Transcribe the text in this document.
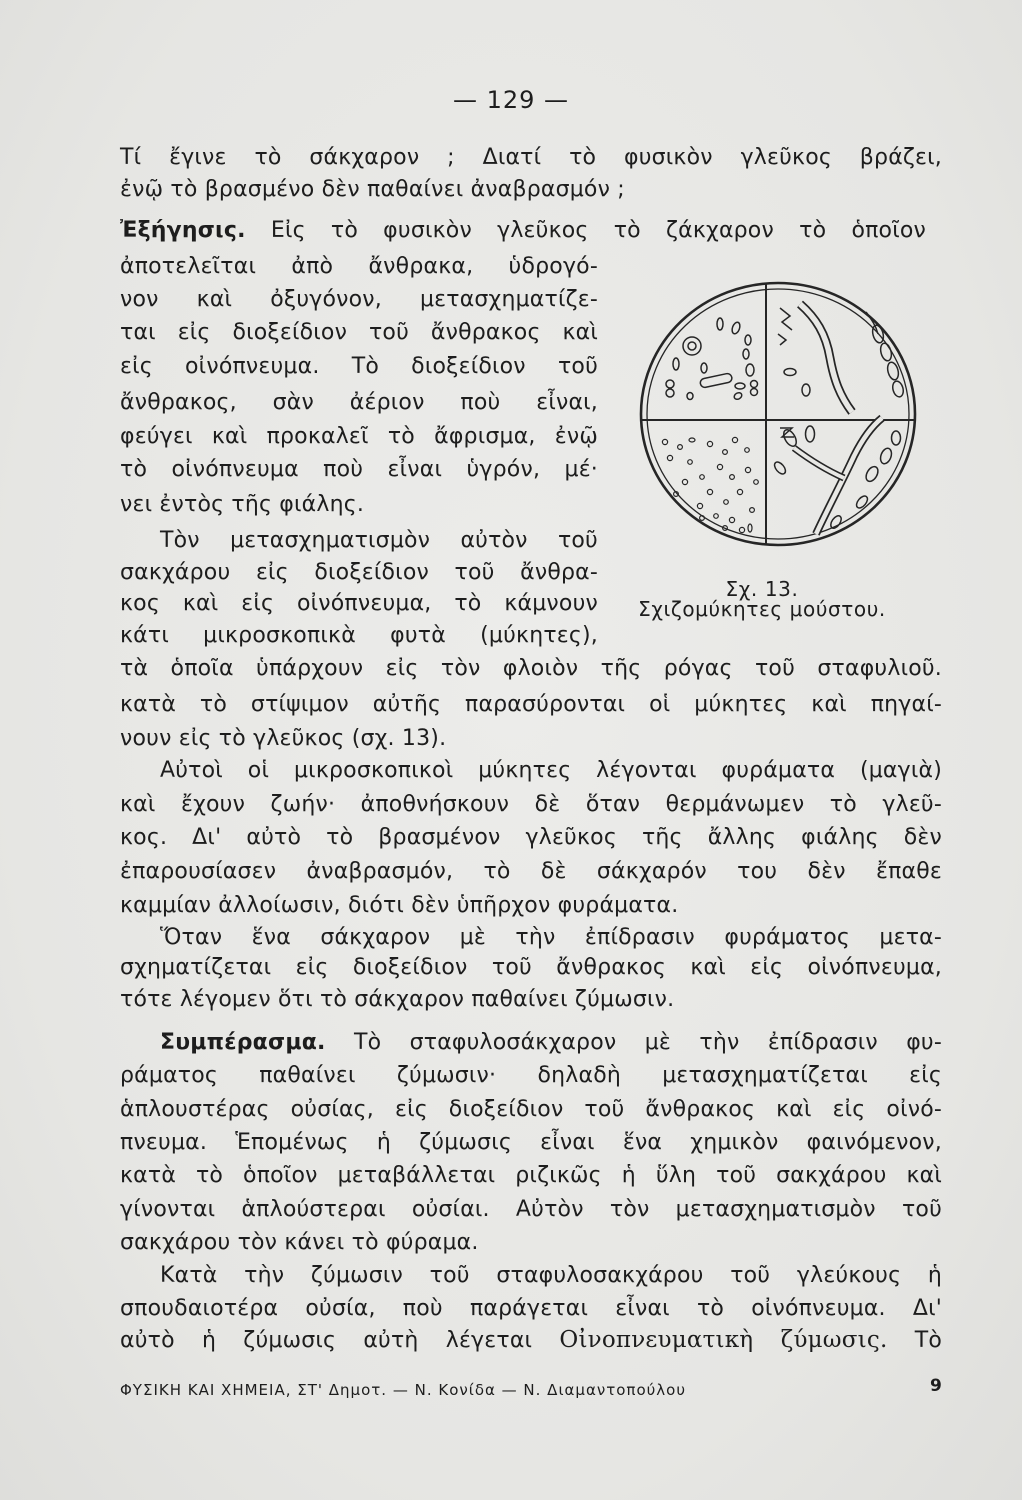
— 129 —
Τί ἔγινε τὸ σάκχαρον ; Διατί τὸ φυσικὸν γλεῦκος βράζει,
ἐνῷ τὸ βρασμένο δὲν παθαίνει ἀναβρασμόν ;
Ἐξήγησις. Εἰς τὸ φυσικὸν γλεῦκος τὸ ζάκχαρον τὸ ὁποῖον
ἀποτελεῖται ἀπὸ ἄνθρακα, ὑδρογό-
νον καὶ ὀξυγόνον, μετασχηματίζε-
ται εἰς διοξείδιον τοῦ ἄνθρακος καὶ
εἰς οἰνόπνευμα. Τὸ διοξείδιον τοῦ
ἄνθρακος, σὰν ἀέριον ποὺ εἶναι,
φεύγει καὶ προκαλεῖ τὸ ἄφρισμα, ἐνῷ
τὸ οἰνόπνευμα ποὺ εἶναι ὑγρόν, μέ·
νει ἐντὸς τῆς φιάλης.
Τὸν μετασχηματισμὸν αὐτὸν τοῦ
σακχάρου εἰς διοξείδιον τοῦ ἄνθρα-
κος καὶ εἰς οἰνόπνευμα, τὸ κάμνουν
κάτι μικροσκοπικὰ φυτὰ (μύκητες),
τὰ ὁποῖα ὑπάρχουν εἰς τὸν φλοιὸν τῆς ρόγας τοῦ σταφυλιοῦ.
κατὰ τὸ στίψιμον αὐτῆς παρασύρονται οἱ μύκητες καὶ πηγαί-
νουν εἰς τὸ γλεῦκος (σχ. 13).
Σχ. 13.
Σχιζομύκητες μούστου.
Αὐτοὶ οἱ μικροσκοπικοὶ μύκητες λέγονται φυράματα (μαγιὰ)
καὶ ἔχουν ζωήν· ἀποθνήσκουν δὲ ὅταν θερμάνωμεν τὸ γλεῦ-
κος. Δι' αὐτὸ τὸ βρασμένον γλεῦκος τῆς ἄλλης φιάλης δὲν
ἐπαρουσίασεν ἀναβρασμόν, τὸ δὲ σάκχαρόν του δὲν ἔπαθε
καμμίαν ἀλλοίωσιν, διότι δὲν ὑπῆρχον φυράματα.
Ὅταν ἕνα σάκχαρον μὲ τὴν ἐπίδρασιν φυράματος μετα-
σχηματίζεται εἰς διοξείδιον τοῦ ἄνθρακος καὶ εἰς οἰνόπνευμα,
τότε λέγομεν ὅτι τὸ σάκχαρον παθαίνει ζύμωσιν.
Συμπέρασμα. Τὸ σταφυλοσάκχαρον μὲ τὴν ἐπίδρασιν φυ-
ράματος παθαίνει ζύμωσιν· δηλαδὴ μετασχηματίζεται εἰς
ἁπλουστέρας οὐσίας, εἰς διοξείδιον τοῦ ἄνθρακος καὶ εἰς οἰνό-
πνευμα. Ἑπομένως ἡ ζύμωσις εἶναι ἕνα χημικὸν φαινόμενον,
κατὰ τὸ ὁποῖον μεταβάλλεται ριζικῶς ἡ ὕλη τοῦ σακχάρου καὶ
γίνονται ἁπλούστεραι οὐσίαι. Αὐτὸν τὸν μετασχηματισμὸν τοῦ
σακχάρου τὸν κάνει τὸ φύραμα.
Κατὰ τὴν ζύμωσιν τοῦ σταφυλοσακχάρου τοῦ γλεύκους ἡ
σπουδαιοτέρα οὐσία, ποὺ παράγεται εἶναι τὸ οἰνόπνευμα. Δι'
αὐτὸ ἡ ζύμωσις αὐτὴ λέγεται Οἰνοπνευματικὴ ζύμωσις. Τὸ
ΦΥΣΙΚΗ ΚΑΙ ΧΗΜΕΙΑ, ΣΤ' Δημοτ. — Ν. Κονίδα — Ν. Διαμαντοπούλου	9
